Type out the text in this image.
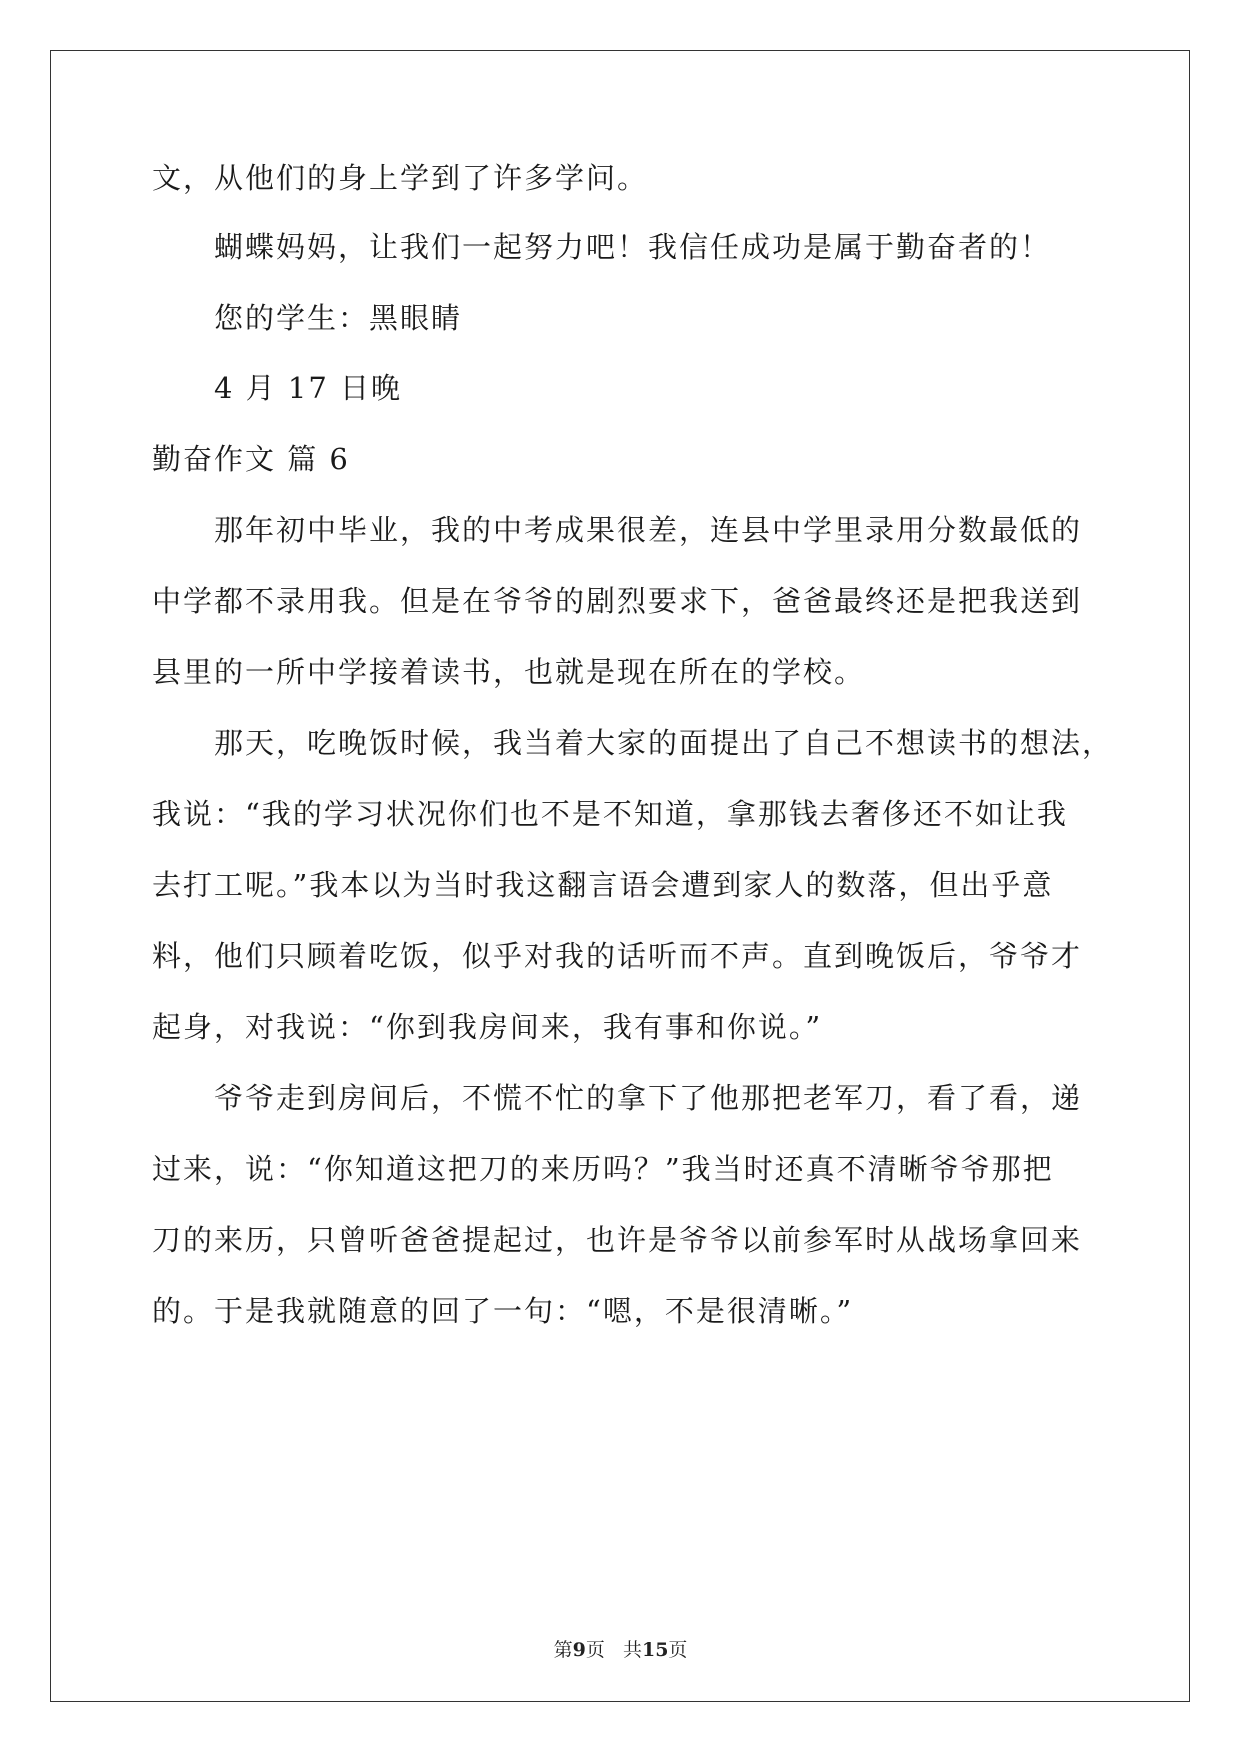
文，从他们的身上学到了许多学问。
蝴蝶妈妈，让我们一起努力吧！我信任成功是属于勤奋者的！
您的学生：黑眼睛
4 月 17 日晚
勤奋作文 篇 6
那年初中毕业，我的中考成果很差，连县中学里录用分数最低的
中学都不录用我。但是在爷爷的剧烈要求下，爸爸最终还是把我送到
县里的一所中学接着读书，也就是现在所在的学校。
那天，吃晚饭时候，我当着大家的面提出了自己不想读书的想法，
我说：“我的学习状况你们也不是不知道，拿那钱去奢侈还不如让我
去打工呢。”我本以为当时我这翻言语会遭到家人的数落，但出乎意
料，他们只顾着吃饭，似乎对我的话听而不声。直到晚饭后，爷爷才
起身，对我说：“你到我房间来，我有事和你说。”
爷爷走到房间后，不慌不忙的拿下了他那把老军刀，看了看，递
过来，说：“你知道这把刀的来历吗？”我当时还真不清晰爷爷那把
刀的来历，只曾听爸爸提起过，也许是爷爷以前参军时从战场拿回来
的。于是我就随意的回了一句：“嗯，不是很清晰。”
第9页 共15页
